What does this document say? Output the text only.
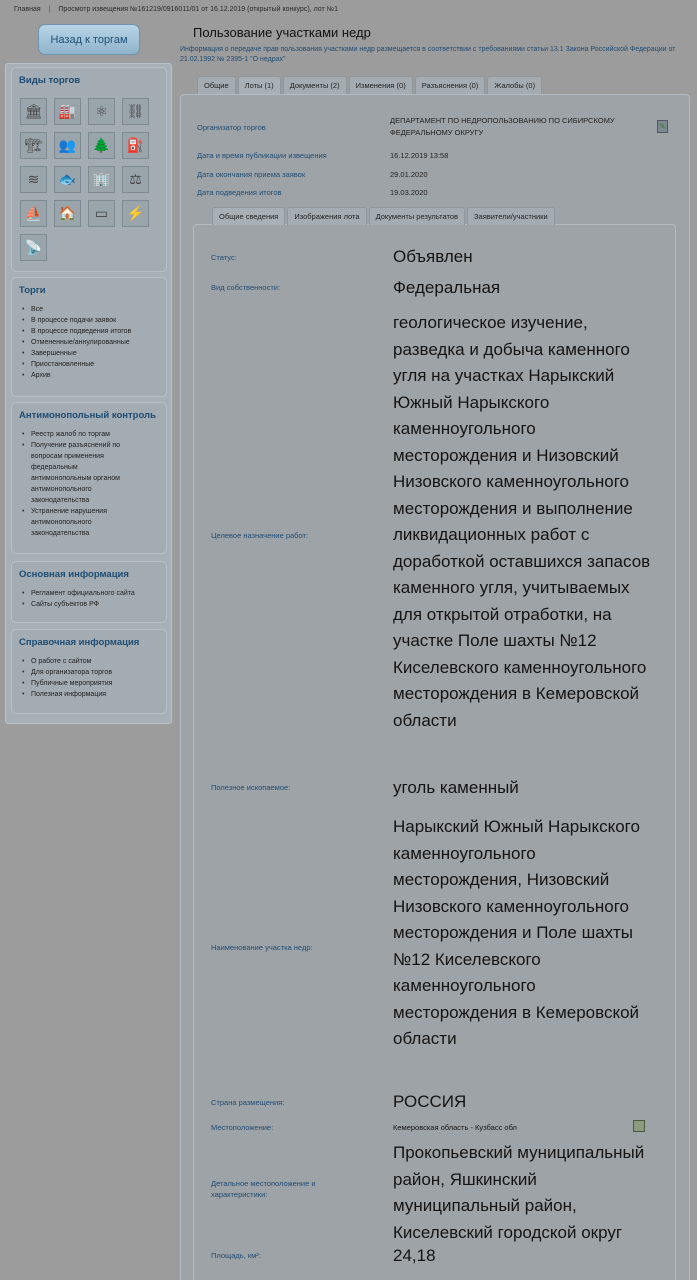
Главная | Просмотр извещения №161219/0916011/01 от 16.12.2019 (открытый конкурс), лот №1
Назад к торгам
Виды торгов
🏛	🏭	⚛	⛓
🏗	👥	🌲	⛽
≋	🐟	🏢	⚖
⛵	🏠	▭	⚡
📡
Торги
• Все
• В процессе подачи заявок
• В процессе подведения итогов
• Отмененные/аннулированные
• Завершенные
• Приостановленные
• Архив
Антимонопольный контроль
• Реестр жалоб по торгам
• Получение разъяснений по вопросам применения федеральным антимонопольным органом антимонопольного законодательства
• Устранение нарушения антимонопольного законодательства
Основная информация
• Регламент официального сайта
• Сайты субъектов РФ
Справочная информация
• О работе с сайтом
• Для организатора торгов
• Публичные мероприятия
• Полезная информация
Пользование участками недр
Информация о передаче прав пользования участками недр размещается в соответствии с требованиями статьи 13.1 Закона Российской Федерации от 21.02.1992 № 2395-1 "О недрах"
Общие	Лоты (1)	Документы (2)	Изменения (0)	Разъяснения (0)	Жалобы (0)
Организатор торгов
ДЕПАРТАМЕНТ ПО НЕДРОПОЛЬЗОВАНИЮ ПО СИБИРСКОМУ ФЕДЕРАЛЬНОМУ ОКРУГУ
✎
Дата и время публикации извещения	16.12.2019 13:58
Дата окончания приема заявок	29.01.2020
Дата подведения итогов	19.03.2020
Общие сведения	Изображения лота	Документы результатов	Заявители/участники
Статус:	Объявлен
Вид собственности:	Федеральная
Целевое назначение работ:
геологическое изучение, разведка и добыча каменного угля на участках Нарыкский Южный Нарыкского каменноугольного месторождения и Низовский Низовского каменноугольного месторождения и выполнение ликвидационных работ с доработкой оставшихся запасов каменного угля, учитываемых для открытой отработки, на участке Поле шахты №12 Киселевского каменноугольного месторождения в Кемеровской области
Полезное ископаемое:	уголь каменный
Наименование участка недр:
Нарыкский Южный Нарыкского каменноугольного месторождения, Низовский Низовского каменноугольного месторождения и Поле шахты №12 Киселевского каменноугольного месторождения в Кемеровской области
Страна размещения:	РОССИЯ
Местоположение:	Кемеровская область - Кузбасс обл
Детальное местоположение и характеристики:
Прокопьевский муниципальный район, Яшкинский муниципальный район, Киселевский городской округ
Площадь, км²:	24,18
